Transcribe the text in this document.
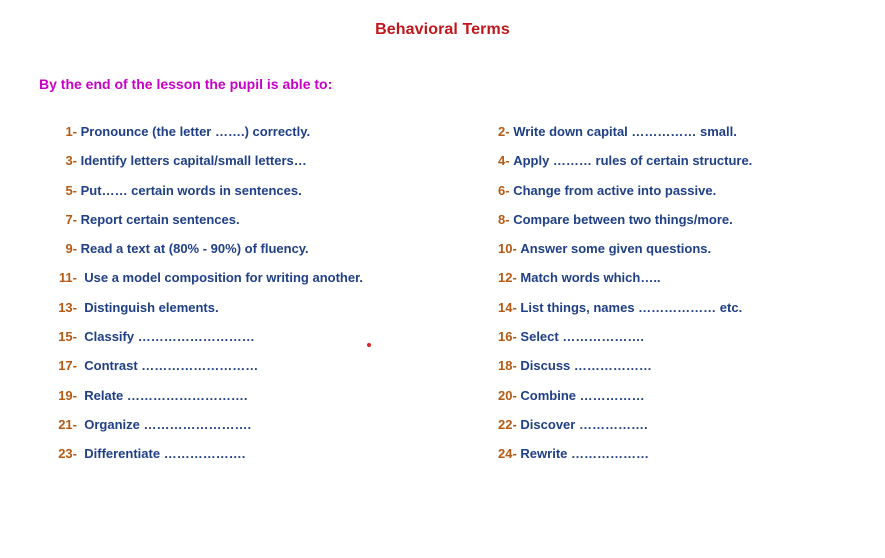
Behavioral Terms
By the end of the lesson the pupil is able to:
1-
Pronounce (the letter …….) correctly.
3-
Identify letters capital/small letters…
5-
Put…… certain words in sentences.
7-
Report certain sentences.
9-
Read a text at (80% - 90%) of fluency.
11-
Use a model composition for writing another.
13-
Distinguish elements.
15-
Classify ………………………
17-
Contrast ………………………
19-
Relate ……………………….
21-
Organize …………………….
23-
Differentiate ……………….
2-
Write down capital …………… small.
4-
Apply ……… rules of certain structure.
6-
Change from active into passive.
8-
Compare between two things/more.
10-
Answer some given questions.
12-
Match words which…..
14-
List things, names ……………… etc.
16-
Select ……………….
18-
Discuss ………………
20-
Combine ……………
22-
Discover …………….
24-
Rewrite ………………
